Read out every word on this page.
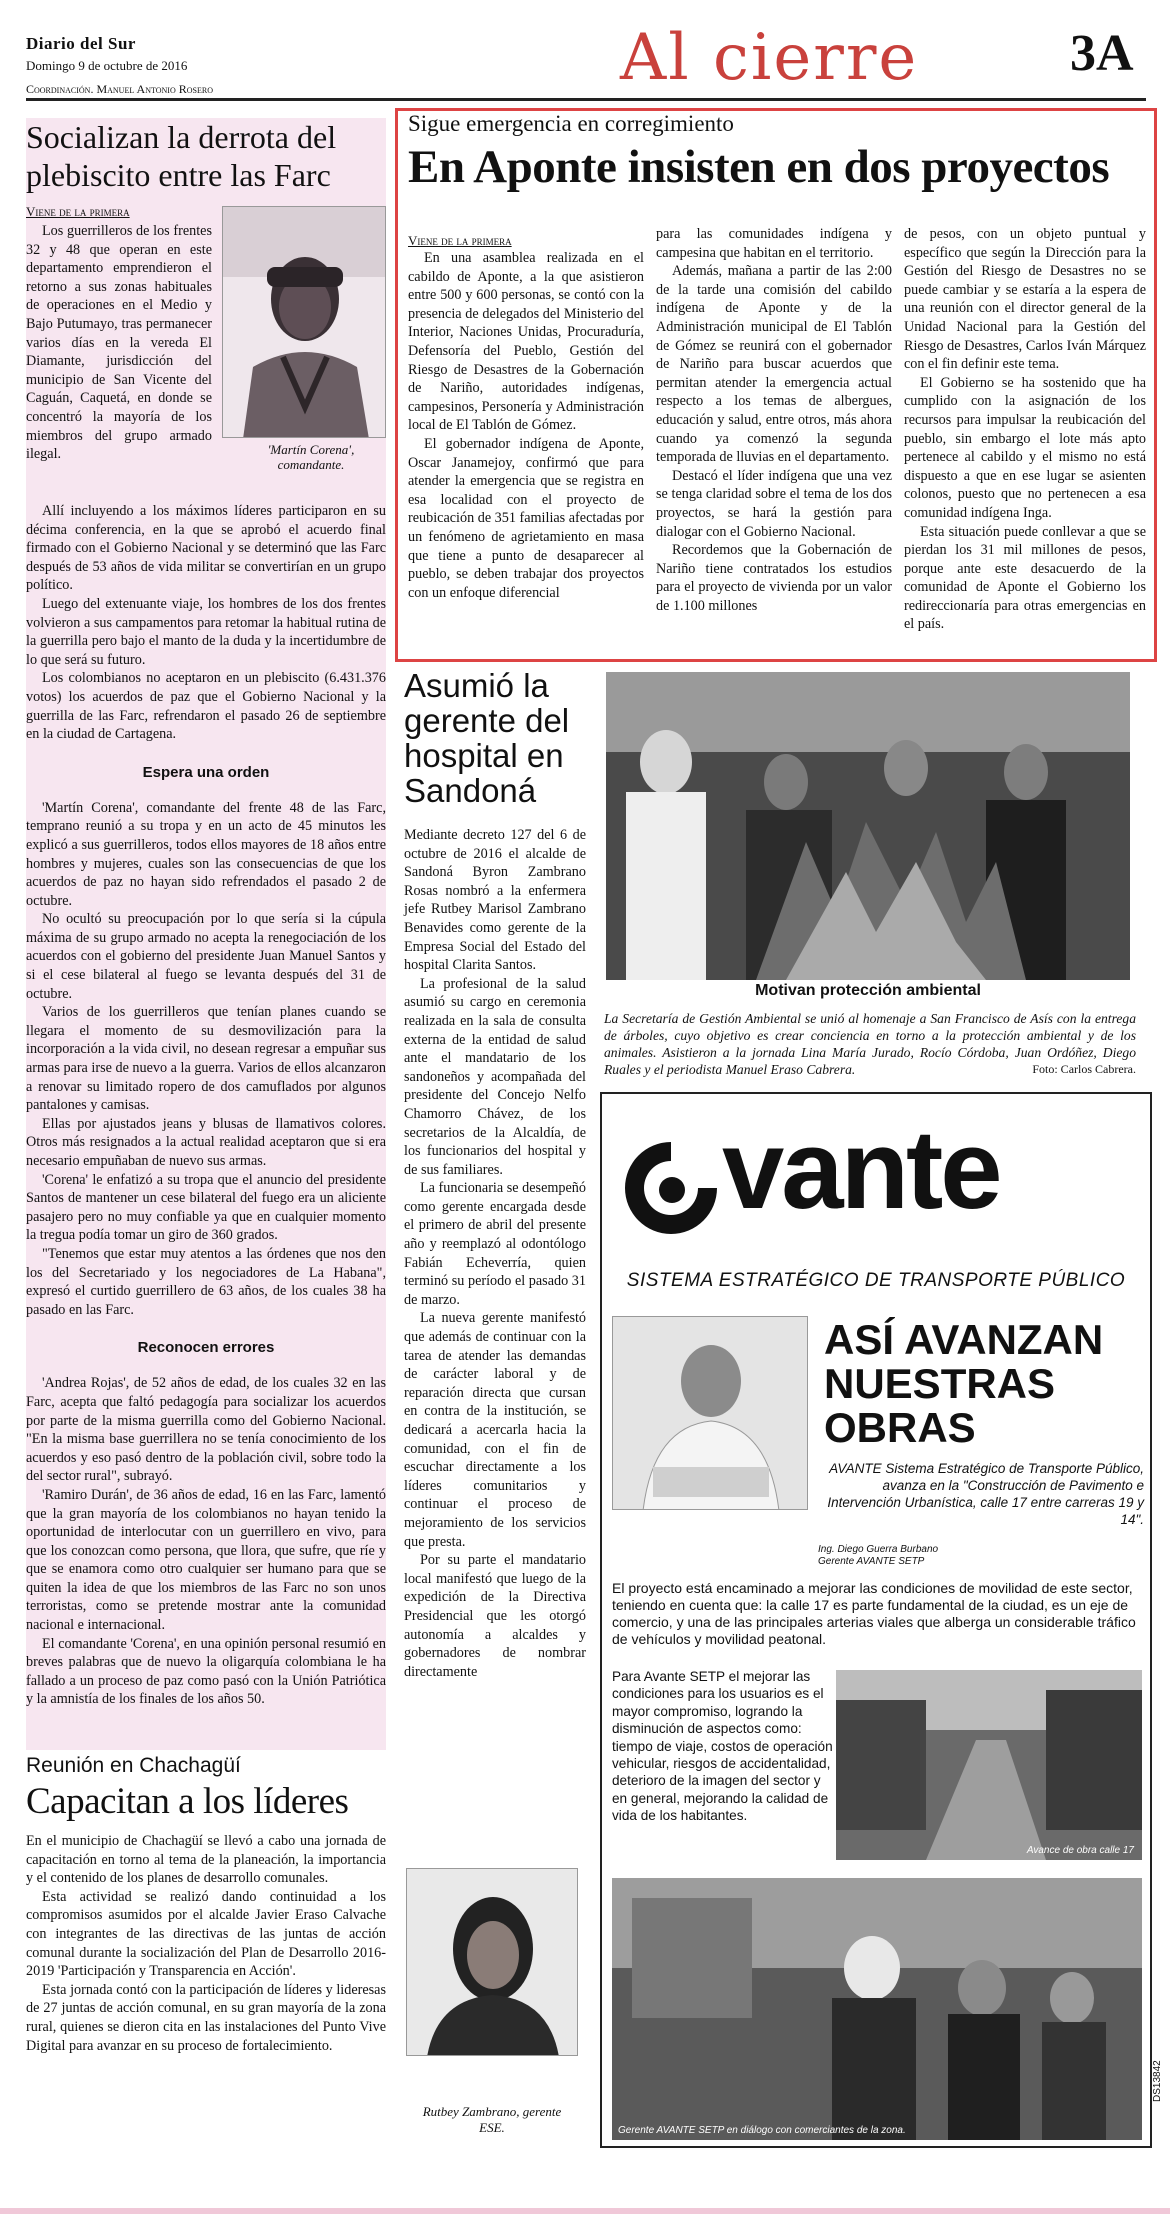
Diario del Sur
Domingo 9 de octubre de 2016
Coordinación. Manuel Antonio Rosero	Al cierre	3A
Socializan la derrota del plebiscito entre las Farc
Viene de la primera
Los guerrilleros de los frentes 32 y 48 que operan en este departamento emprendieron el retorno a sus zonas habituales de operaciones en el Medio y Bajo Putumayo, tras permanecer varios días en la vereda El Diamante, jurisdicción del municipio de San Vicente del Caguán, Caquetá, en donde se concentró la mayoría de los miembros del grupo armado ilegal.	'Martín Corena', comandante.

Allí incluyendo a los máximos líderes participaron en su décima conferencia, en la que se aprobó el acuerdo final firmado con el Gobierno Nacional y se determinó que las Farc después de 53 años de vida militar se convertirían en un grupo político.

Luego del extenuante viaje, los hombres de los dos frentes volvieron a sus campamentos para retomar la habitual rutina de la guerrilla pero bajo el manto de la duda y la incertidumbre de lo que será su futuro.

Los colombianos no aceptaron en un plebiscito (6.431.376 votos) los acuerdos de paz que el Gobierno Nacional y la guerrilla de las Farc, refrendaron el pasado 26 de septiembre en la ciudad de Cartagena.

Espera una orden

'Martín Corena', comandante del frente 48 de las Farc, temprano reunió a su tropa y en un acto de 45 minutos les explicó a sus guerrilleros, todos ellos mayores de 18 años entre hombres y mujeres, cuales son las consecuencias de que los acuerdos de paz no hayan sido refrendados el pasado 2 de octubre.

No ocultó su preocupación por lo que sería si la cúpula máxima de su grupo armado no acepta la renegociación de los acuerdos con el gobierno del presidente Juan Manuel Santos y si el cese bilateral al fuego se levanta después del 31 de octubre.

Varios de los guerrilleros que tenían planes cuando se llegara el momento de su desmovilización para la incorporación a la vida civil, no desean regresar a empuñar sus armas para irse de nuevo a la guerra. Varios de ellos alcanzaron a renovar su limitado ropero de dos camuflados por algunos pantalones y camisas.

Ellas por ajustados jeans y blusas de llamativos colores. Otros más resignados a la actual realidad aceptaron que si era necesario empuñaban de nuevo sus armas.

'Corena' le enfatizó a su tropa que el anuncio del presidente Santos de mantener un cese bilateral del fuego era un aliciente pasajero pero no muy confiable ya que en cualquier momento la tregua podía tomar un giro de 360 grados.

"Tenemos que estar muy atentos a las órdenes que nos den los del Secretariado y los negociadores de La Habana", expresó el curtido guerrillero de 63 años, de los cuales 38 ha pasado en las Farc.

Reconocen errores

'Andrea Rojas', de 52 años de edad, de los cuales 32 en las Farc, acepta que faltó pedagogía para socializar los acuerdos por parte de la misma guerrilla como del Gobierno Nacional. "En la misma base guerrillera no se tenía conocimiento de los acuerdos y eso pasó dentro de la población civil, sobre todo la del sector rural", subrayó.

'Ramiro Durán', de 36 años de edad, 16 en las Farc, lamentó que la gran mayoría de los colombianos no hayan tenido la oportunidad de interlocutar con un guerrillero en vivo, para que los conozcan como persona, que llora, que sufre, que ríe y que se enamora como otro cualquier ser humano para que se quiten la idea de que los miembros de las Farc no son unos terroristas, como se pretende mostrar ante la comunidad nacional e internacional.

El comandante 'Corena', en una opinión personal resumió en breves palabras que de nuevo la oligarquía colombiana le ha fallado a un proceso de paz como pasó con la Unión Patriótica y la amnistía de los finales de los años 50.

Reunión en Chachagüí
Capacitan a los líderes

En el municipio de Chachagüí se llevó a cabo una jornada de capacitación en torno al tema de la planeación, la importancia y el contenido de los planes de desarrollo comunales.

Esta actividad se realizó dando continuidad a los compromisos asumidos por el alcalde Javier Eraso Calvache con integrantes de las directivas de las juntas de acción comunal durante la socialización del Plan de Desarrollo 2016-2019 'Participación y Transparencia en Acción'.

Esta jornada contó con la participación de líderes y lideresas de 27 juntas de acción comunal, en su gran mayoría de la zona rural, quienes se dieron cita en las instalaciones del Punto Vive Digital para avanzar en su proceso de fortalecimiento.

Sigue emergencia en corregimiento
En Aponte insisten en dos proyectos
Viene de la primera

En una asamblea realizada en el cabildo de Aponte, a la que asistieron entre 500 y 600 personas, se contó con la presencia de delegados del Ministerio del Interior, Naciones Unidas, Procuraduría, Defensoría del Pueblo, Gestión del Riesgo de Desastres de la Gobernación de Nariño, autoridades indígenas, campesinos, Personería y Administración local de El Tablón de Gómez.

El gobernador indígena de Aponte, Oscar Janamejoy, confirmó que para atender la emergencia que se registra en esa localidad con el proyecto de reubicación de 351 familias afectadas por un fenómeno de agrietamiento en masa que tiene a punto de desaparecer al pueblo, se deben trabajar dos proyectos con un enfoque diferencial

para las comunidades indígena y campesina que habitan en el territorio.

Además, mañana a partir de las 2:00 de la tarde una comisión del cabildo indígena de Aponte y de la Administración municipal de El Tablón de Gómez se reunirá con el gobernador de Nariño para buscar acuerdos que permitan atender la emergencia actual respecto a los temas de albergues, educación y salud, entre otros, más ahora cuando ya comenzó la segunda temporada de lluvias en el departamento.

Destacó el líder indígena que una vez se tenga claridad sobre el tema de los dos proyectos, se hará la gestión para dialogar con el Gobierno Nacional.

Recordemos que la Gobernación de Nariño tiene contratados los estudios para el proyecto de vivienda por un valor de 1.100 millones

de pesos, con un objeto puntual y específico que según la Dirección para la Gestión del Riesgo de Desastres no se puede cambiar y se estaría a la espera de una reunión con el director general de la Unidad Nacional para la Gestión del Riesgo de Desastres, Carlos Iván Márquez con el fin definir este tema.

El Gobierno se ha sostenido que ha cumplido con la asignación de los recursos para impulsar la reubicación del pueblo, sin embargo el lote más apto pertenece al cabildo y el mismo no está dispuesto a que en ese lugar se asienten colonos, puesto que no pertenecen a esa comunidad indígena Inga.

Esta situación puede conllevar a que se pierdan los 31 mil millones de pesos, porque ante este desacuerdo de la comunidad de Aponte el Gobierno los redireccionaría para otras emergencias en el país.

Asumió la gerente del hospital en Sandoná

Mediante decreto 127 del 6 de octubre de 2016 el alcalde de Sandoná Byron Zambrano Rosas nombró a la enfermera jefe Rutbey Marisol Zambrano Benavides como gerente de la Empresa Social del Estado del hospital Clarita Santos.

La profesional de la salud asumió su cargo en ceremonia realizada en la sala de consulta externa de la entidad de salud ante el mandatario de los sandoneños y acompañada del presidente del Concejo Nelfo Chamorro Chávez, de los secretarios de la Alcaldía, de los funcionarios del hospital y de sus familiares.

La funcionaria se desempeñó como gerente encargada desde el primero de abril del presente año y reemplazó al odontólogo Fabián Echeverría, quien terminó su período el pasado 31 de marzo.

La nueva gerente manifestó que además de continuar con la tarea de atender las demandas de carácter laboral y de reparación directa que cursan en contra de la institución, se dedicará a acercarla hacia la comunidad, con el fin de escuchar directamente a los líderes comunitarios y continuar el proceso de mejoramiento de los servicios que presta.

Por su parte el mandatario local manifestó que luego de la expedición de la Directiva Presidencial que les otorgó autonomía a alcaldes y gobernadores de nombrar directamente

Rutbey Zambrano, gerente ESE.
Motivan protección ambiental
La Secretaría de Gestión Ambiental se unió al homenaje a San Francisco de Asís con la entrega de árboles, cuyo objetivo es crear conciencia en torno a la protección ambiental y de los animales. Asistieron a la jornada Lina María Jurado, Rocío Córdoba, Juan Ordóñez, Diego Ruales y el periodista Manuel Eraso Cabrera.	Foto: Carlos Cabrera.
vante
SISTEMA ESTRATÉGICO DE TRANSPORTE PÚBLICO
ASÍ AVANZAN
NUESTRAS
OBRAS
AVANTE Sistema Estratégico de Transporte Público, avanza en la "Construcción de Pavimento e Intervención Urbanística, calle 17 entre carreras 19 y 14".
Ing. Diego Guerra Burbano
Gerente AVANTE SETP
El proyecto está encaminado a mejorar las condiciones de movilidad de este sector, teniendo en cuenta que: la calle 17 es parte fundamental de la ciudad, es un eje de comercio, y una de las principales arterias viales que alberga un considerable tráfico de vehículos y movilidad peatonal.
Para Avante SETP el mejorar las condiciones para los usuarios es el mayor compromiso, logrando la disminución de aspectos como: tiempo de viaje, costos de operación vehicular, riesgos de accidentalidad, deterioro de la imagen del sector y en general, mejorando la calidad de vida de los habitantes.
Avance de obra calle 17
Gerente AVANTE SETP en diálogo con comerciantes de la zona.
DS13842
